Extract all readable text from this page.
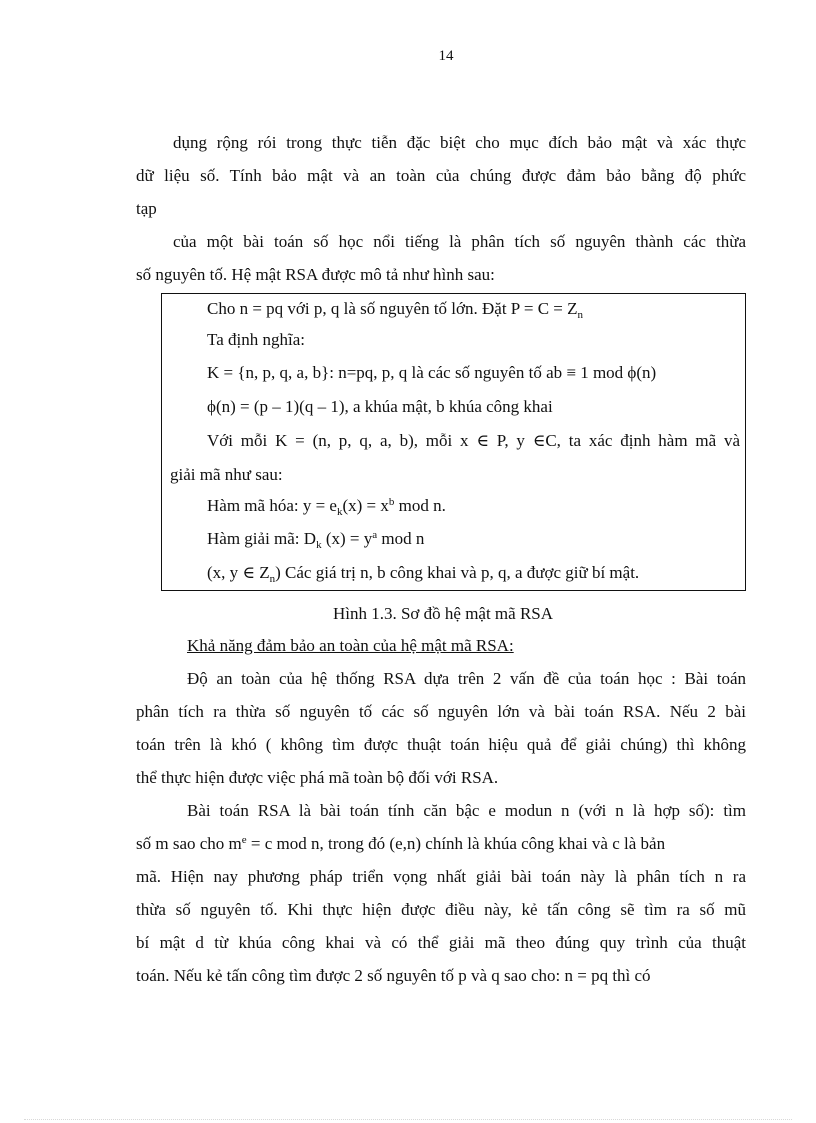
14
dụng rộng rói trong thực tiễn đặc biệt cho mục đích bảo mật và xác thực
dữ liệu số. Tính bảo mật và an toàn của chúng được đảm bảo bằng độ phức
tạp
của một bài toán số học nổi tiếng là phân tích số nguyên thành các thừa
số nguyên tố. Hệ mật RSA được mô tả như hình sau:
Cho n = pq với p, q là số nguyên tố lớn. Đặt $P = C = Z_n$
Ta định nghĩa:
K = {n, p, q, a, b}: n=pq, p, q là các số nguyên tố ab ≡ 1 mod ϕ(n)
ϕ(n) = (p – 1)(q – 1), a khúa mật, b khúa công khai
Với mỗi K = (n, p, q, a, b), mỗi x ∈ P, y ∈C, ta xác định hàm mã và
giải mã như sau:
Hàm mã hóa: $y = e_k(x) = x^b$ mod n.
Hàm giải mã: $D_k$ $(x) = y^a$ mod n
(x, y ∈ $Z_n$) Các giá trị n, b công khai và p, q, a được giữ bí mật.
Hình 1.3. Sơ đồ hệ mật mã RSA
Khả năng đảm bảo an toàn của hệ mật mã RSA:
Độ an toàn của hệ thống RSA dựa trên 2 vấn đề của toán học : Bài toán
phân tích ra thừa số nguyên tố các số nguyên lớn và bài toán RSA. Nếu 2 bài
toán trên là khó ( không tìm được thuật toán hiệu quả để giải chúng) thì không
thể thực hiện được việc phá mã toàn bộ đối với RSA.
Bài toán RSA là bài toán tính căn bậc e modun n (với n là hợp số): tìm
số m sao cho $m^e = c$ mod n, trong đó (e,n) chính là khúa công khai và c là bản
mã. Hiện nay phương pháp triển vọng nhất giải bài toán này là phân tích n ra
thừa số nguyên tố. Khi thực hiện được điều này, kẻ tấn công sẽ tìm ra số mũ
bí mật d từ khúa công khai và có thể giải mã theo đúng quy trình của thuật
toán. Nếu kẻ tấn công tìm được 2 số nguyên tố p và q sao cho: n = pq thì có
